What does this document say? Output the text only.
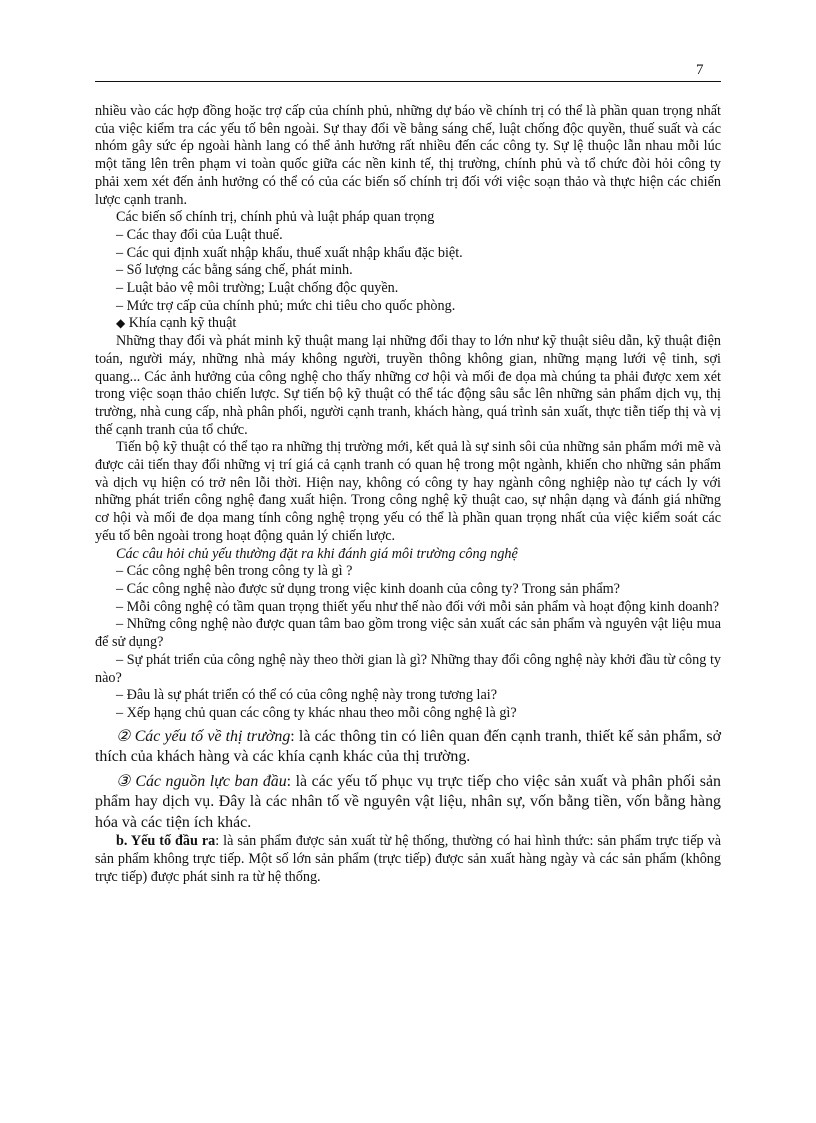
7

nhiều vào các hợp đồng hoặc trợ cấp của chính phủ, những dự báo về chính trị có thể là phần quan trọng nhất của việc kiểm tra các yếu tố bên ngoài. Sự thay đổi về bằng sáng chế, luật chống độc quyền, thuế suất và các nhóm gây sức ép ngoài hành lang có thể ảnh hưởng rất nhiều đến các công ty. Sự lệ thuộc lẫn nhau mỗi lúc một tăng lên trên phạm vi toàn quốc giữa các nền kinh tế, thị trường, chính phủ và tổ chức đòi hỏi công ty phải xem xét đến ảnh hưởng có thể có của các biến số chính trị đối với việc soạn thảo và thực hiện các chiến lược cạnh tranh.

Các biến số chính trị, chính phủ và luật pháp quan trọng

– Các thay đổi của Luật thuế.

– Các qui định xuất nhập khẩu, thuế xuất nhập khẩu đặc biệt.

– Số lượng các bằng sáng chế, phát minh.

– Luật bảo vệ môi trường; Luật chống độc quyền.

– Mức trợ cấp của chính phủ; mức chi tiêu cho quốc phòng.

◆ Khía cạnh kỹ thuật

Những thay đổi và phát minh kỹ thuật mang lại những đổi thay to lớn như kỹ thuật siêu dẫn, kỹ thuật điện toán, người máy, những nhà máy không người, truyền thông không gian, những mạng lưới vệ tinh, sợi quang... Các ảnh hưởng của công nghệ cho thấy những cơ hội và mối đe dọa mà chúng ta phải được xem xét trong việc soạn thảo chiến lược. Sự tiến bộ kỹ thuật có thể tác động sâu sắc lên những sản phẩm dịch vụ, thị trường, nhà cung cấp, nhà phân phối, người cạnh tranh, khách hàng, quá trình sản xuất, thực tiễn tiếp thị và vị thế cạnh tranh của tổ chức.

Tiến bộ kỹ thuật có thể tạo ra những thị trường mới, kết quả là sự sinh sôi của những sản phẩm mới mẽ và được cải tiến thay đổi những vị trí giá cả cạnh tranh có quan hệ trong một ngành, khiến cho những sản phẩm và dịch vụ hiện có trở nên lỗi thời. Hiện nay, không có công ty hay ngành công nghiệp nào tự cách ly với những phát triển công nghệ đang xuất hiện. Trong công nghệ kỹ thuật cao, sự nhận dạng và đánh giá những cơ hội và mối đe dọa mang tính công nghệ trọng yếu có thể là phần quan trọng nhất của việc kiểm soát các yếu tố bên ngoài trong hoạt động quản lý chiến lược.

Các câu hỏi chủ yếu thường đặt ra khi đánh giá môi trường công nghệ

– Các công nghệ bên trong công ty là gì ?

– Các công nghệ nào được sử dụng trong việc kinh doanh của công ty? Trong sản phẩm?

– Mỗi công nghệ có tầm quan trọng thiết yếu như thế nào đối với mỗi sản phẩm và hoạt động kinh doanh?

– Những công nghệ nào được quan tâm bao gồm trong việc sản xuất các sản phẩm và nguyên vật liệu mua để sử dụng?

– Sự phát triển của công nghệ này theo thời gian là gì? Những thay đổi công nghệ này khởi đầu từ công ty nào?

– Đâu là sự phát triển có thể có của công nghệ này trong tương lai?

– Xếp hạng chủ quan các công ty khác nhau theo mỗi công nghệ là gì?

② Các yếu tố về thị trường: là các thông tin có liên quan đến cạnh tranh, thiết kế sản phẩm, sở thích của khách hàng và các khía cạnh khác của thị trường.

③ Các nguồn lực ban đầu: là các yếu tố phục vụ trực tiếp cho việc sản xuất và phân phối sản phẩm hay dịch vụ. Đây là các nhân tố về nguyên vật liệu, nhân sự, vốn bằng tiền, vốn bằng hàng hóa và các tiện ích khác.

b. Yếu tố đầu ra: là sản phẩm được sản xuất từ hệ thống, thường có hai hình thức: sản phẩm trực tiếp và sản phẩm không trực tiếp. Một số lớn sản phẩm (trực tiếp) được sản xuất hàng ngày và các sản phẩm (không trực tiếp) được phát sinh ra từ hệ thống.
